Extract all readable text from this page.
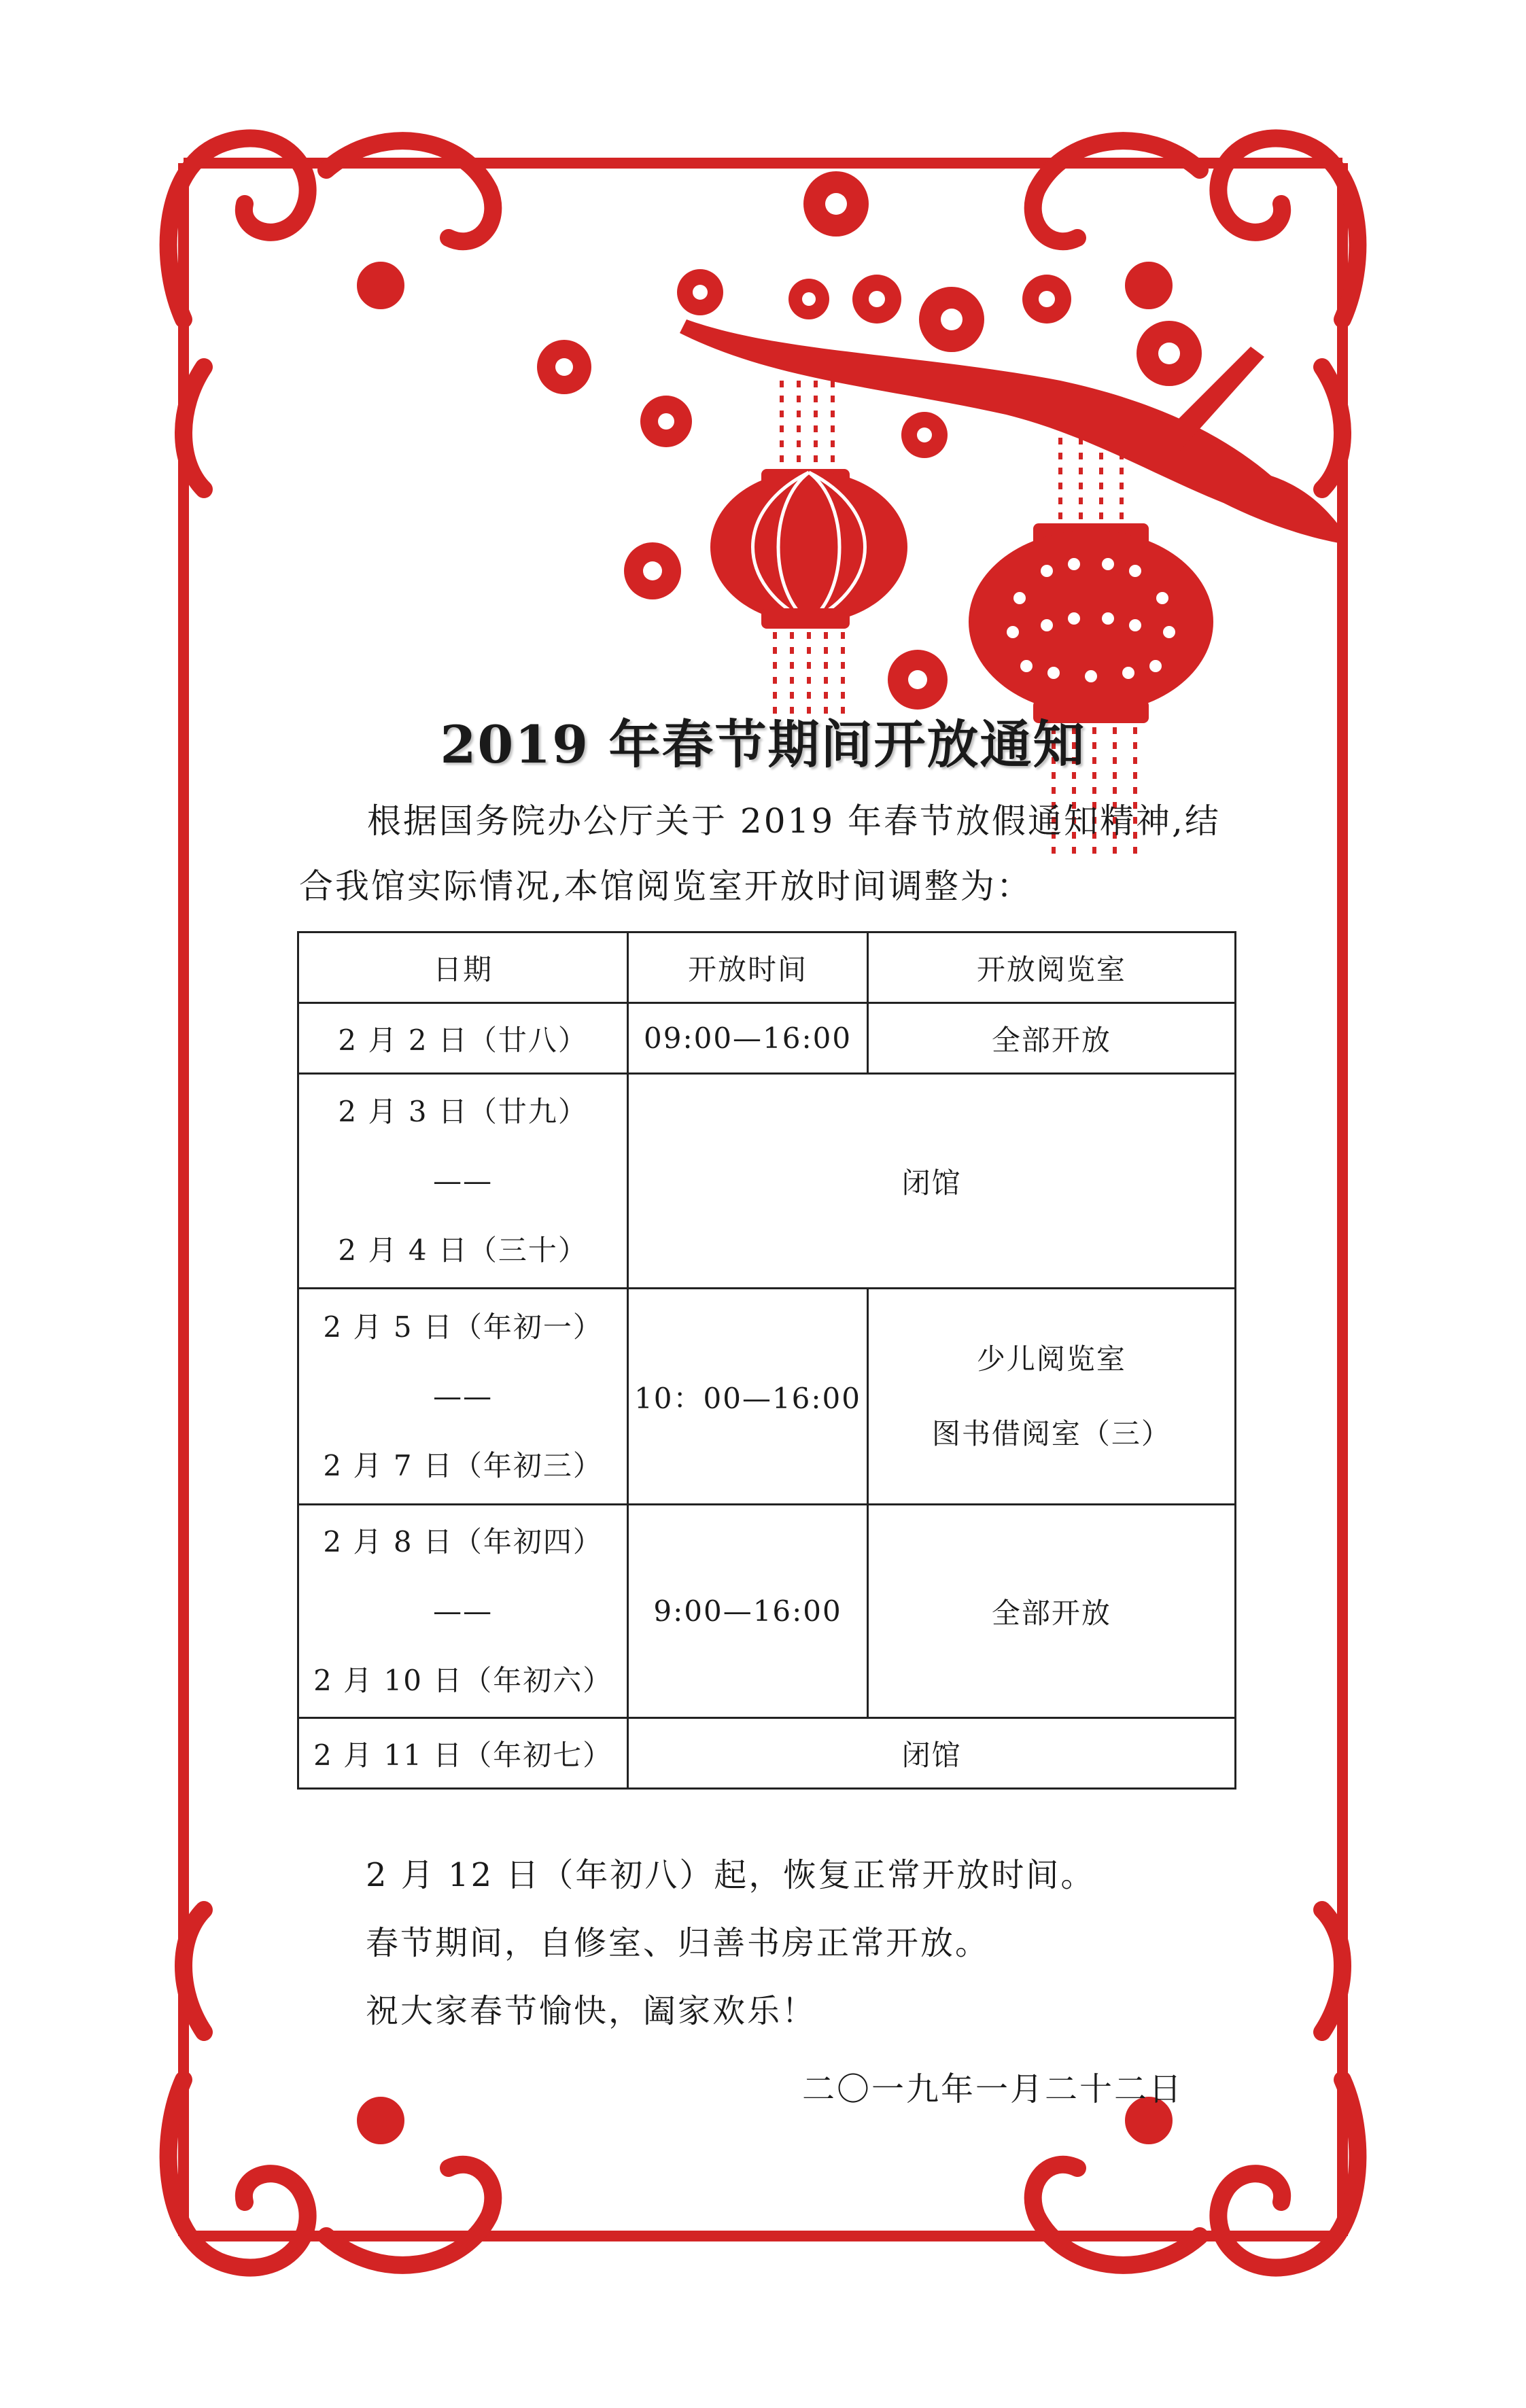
2019 年春节期间开放通知
根据国务院办公厅关于 2019 年春节放假通知精神,结合我馆实际情况,本馆阅览室开放时间调整为：
日期	开放时间	开放阅览室
2 月 2 日（廿八）	09:00—16:00	全部开放

2 月 3 日（廿九）
——
2 月 4 日（三十）	闭馆	

2 月 5 日（年初一）
——
2 月 7 日（年初三）	10：00—16:00	少儿阅览室
图书借阅室（三）

2 月 8 日（年初四）
——
2 月 10 日（年初六）	9:00—16:00	全部开放
2 月 11 日（年初七）	闭馆	
2 月 12 日（年初八）起，恢复正常开放时间。
春节期间，自修室、归善书房正常开放。
祝大家春节愉快，阖家欢乐！
二〇一九年一月二十二日
